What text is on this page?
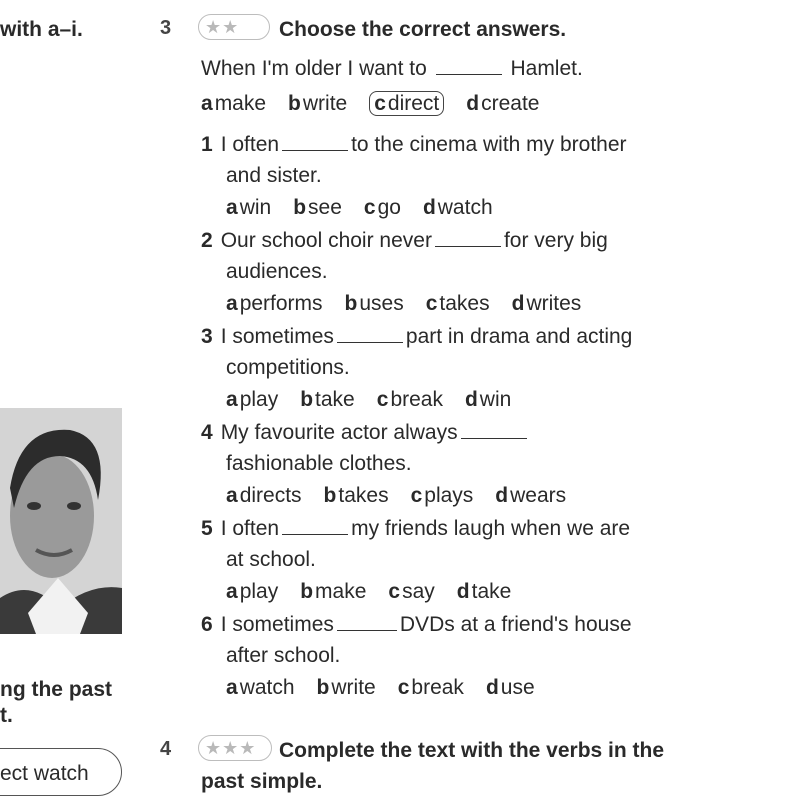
with a–i.
ng the past
t.
ect watch
3	★★	Choose the correct answers.
When I'm older I want to	Hamlet.
amake bwrite cdirect dcreate
1 I often	to the cinema with my brother
and sister.
awin bsee cgo dwatch
2 Our school choir never	for very big
audiences.
aperforms buses ctakes dwrites
3 I sometimes	part in drama and acting
competitions.
aplay btake cbreak dwin
4 My favourite actor always
fashionable clothes.
adirects btakes cplays dwears
5 I often	my friends laugh when we are
at school.
aplay bmake csay dtake
6 I sometimes	DVDs at a friend's house
after school.
awatch bwrite cbreak duse
4	★★★	Complete the text with the verbs in the
past simple.
